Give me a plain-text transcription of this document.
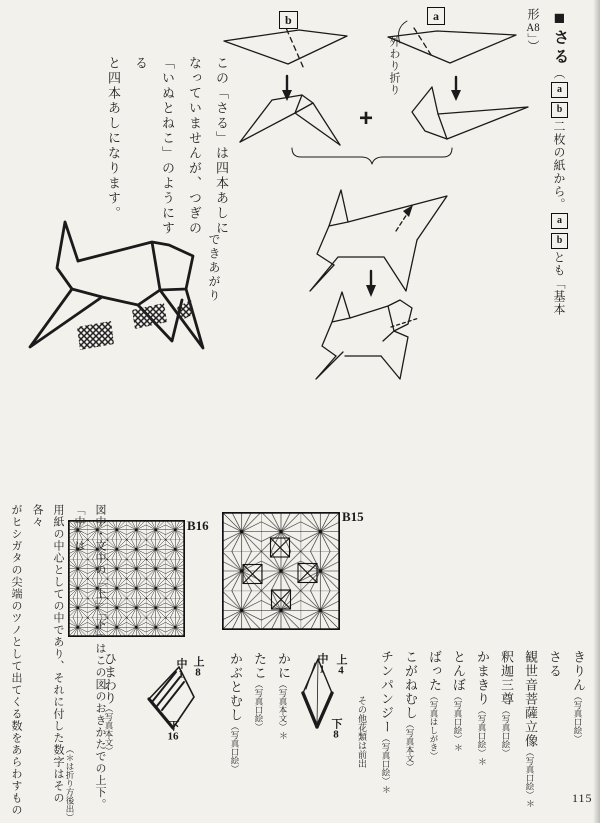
■さる（ab二枚の紙から。abとも「基本形A8」）
b	a
外わり折り
+
この「さる」は四本あしに
なっていませんが、つぎの
「いぬとねこ」のようにする
と四本あしになります。
できあがり
B16
B15
図中・文中の「上」「下」はこの図のおきかたでの上下。「中」は
用紙の中心としての中であり、それに付した数字はその各々
がヒシガタの尖端のツノとして出てくる数をあらわすもの	（＊は折り方後出）
ひまわり（写真本文）
上8
中1
下16
かに（写真本文）＊
たこ（写真口絵）
かぶとむし（写真口絵）
上4
中1
下8
きりん（写真口絵）
さる
観世音菩薩立像（写真口絵）＊
釈迦三尊（写真口絵）
かまきり（写真口絵）＊
とんぼ（写真口絵）＊
ばった（写真はしがき）
こがねむし（写真本文）
チンパンジー（写真口絵）＊
その他花類は前出
115
